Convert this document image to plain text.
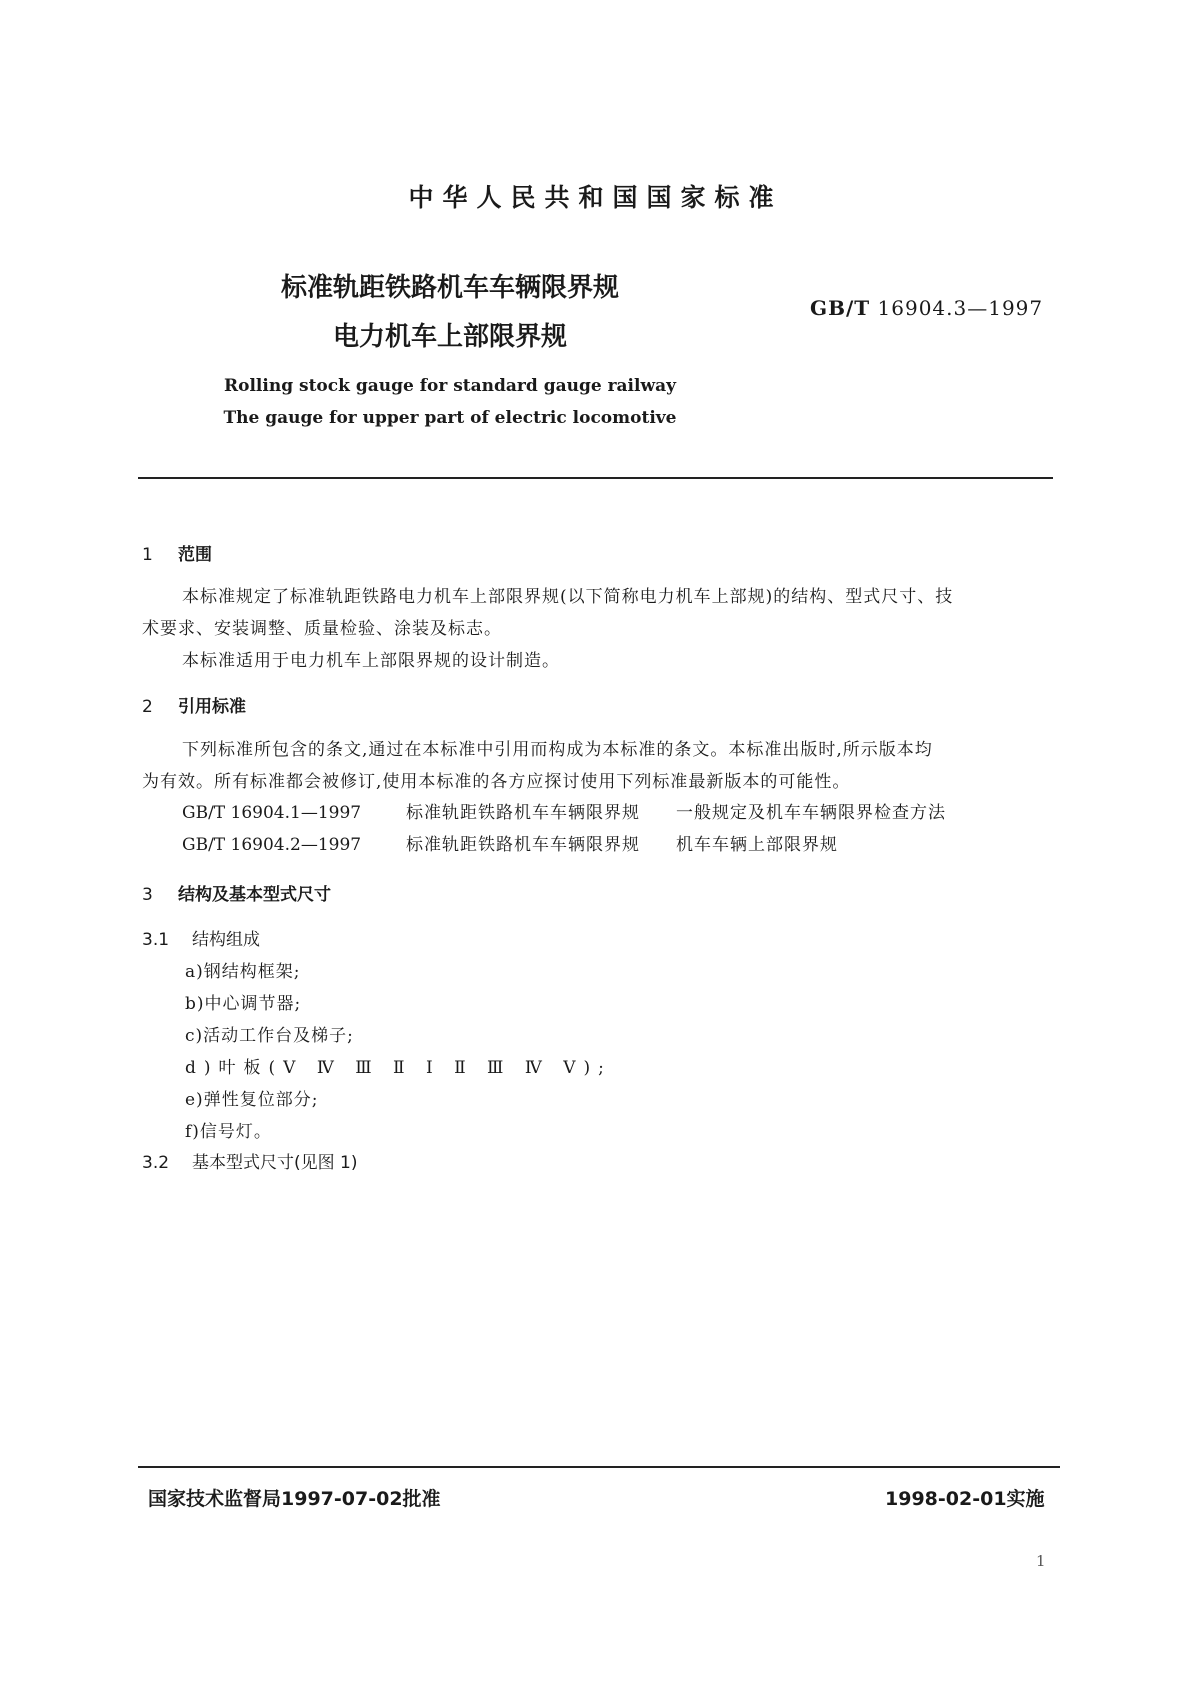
中华人民共和国国家标准
标准轨距铁路机车车辆限界规
电力机车上部限界规
GB/T 16904.3—1997
Rolling stock gauge for standard gauge railway
The gauge for upper part of electric locomotive
1 范围
本标准规定了标准轨距铁路电力机车上部限界规(以下简称电力机车上部规)的结构、型式尺寸、技
术要求、安装调整、质量检验、涂装及标志。
本标准适用于电力机车上部限界规的设计制造。
2 引用标准
下列标准所包含的条文,通过在本标准中引用而构成为本标准的条文。本标准出版时,所示版本均
为有效。所有标准都会被修订,使用本标准的各方应探讨使用下列标准最新版本的可能性。
GB/T 16904.1—1997	标准轨距铁路机车车辆限界规 一般规定及机车车辆限界检查方法
GB/T 16904.2—1997	标准轨距铁路机车车辆限界规 机车车辆上部限界规
3 结构及基本型式尺寸
3.1 结构组成
a)钢结构框架;
b)中心调节器;
c)活动工作台及梯子;
d)叶板(V Ⅳ Ⅲ Ⅱ Ⅰ Ⅱ Ⅲ Ⅳ V);
e)弹性复位部分;
f)信号灯。
3.2 基本型式尺寸(见图 1)
国家技术监督局1997-07-02批准	1998-02-01实施
1
